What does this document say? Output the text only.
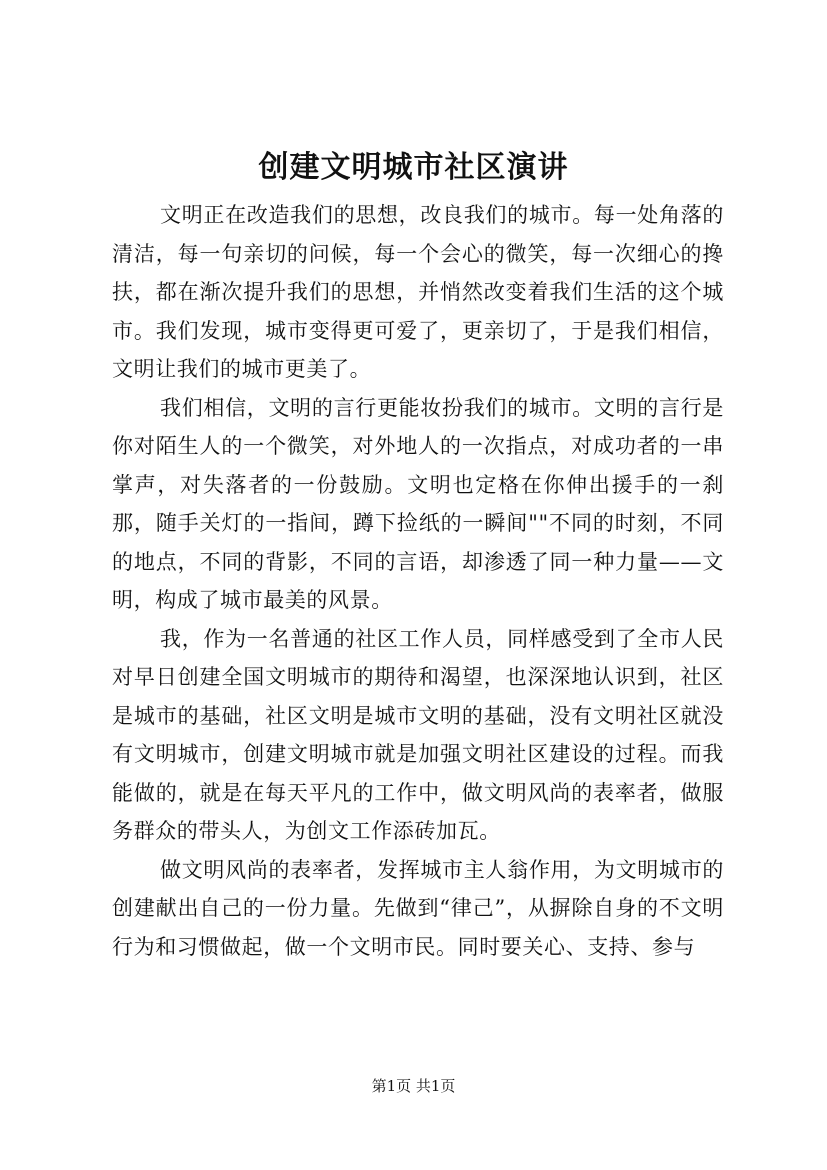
创建文明城市社区演讲

文明正在改造我们的思想，改良我们的城市。每一处角落的清洁，每一句亲切的问候，每一个会心的微笑，每一次细心的搀扶，都在渐次提升我们的思想，并悄然改变着我们生活的这个城市。我们发现，城市变得更可爱了，更亲切了，于是我们相信，文明让我们的城市更美了。

我们相信，文明的言行更能妆扮我们的城市。文明的言行是你对陌生人的一个微笑，对外地人的一次指点，对成功者的一串掌声，对失落者的一份鼓励。文明也定格在你伸出援手的一刹那，随手关灯的一指间，蹲下捡纸的一瞬间""不同的时刻，不同的地点，不同的背影，不同的言语，却渗透了同一种力量——文明，构成了城市最美的风景。

我，作为一名普通的社区工作人员，同样感受到了全市人民对早日创建全国文明城市的期待和渴望，也深深地认识到，社区是城市的基础，社区文明是城市文明的基础，没有文明社区就没有文明城市，创建文明城市就是加强文明社区建设的过程。而我能做的，就是在每天平凡的工作中，做文明风尚的表率者，做服务群众的带头人，为创文工作添砖加瓦。

做文明风尚的表率者，发挥城市主人翁作用，为文明城市的创建献出自己的一份力量。先做到“律己”，从摒除自身的不文明行为和习惯做起，做一个文明市民。同时要关心、支持、参与

第1页 共1页
